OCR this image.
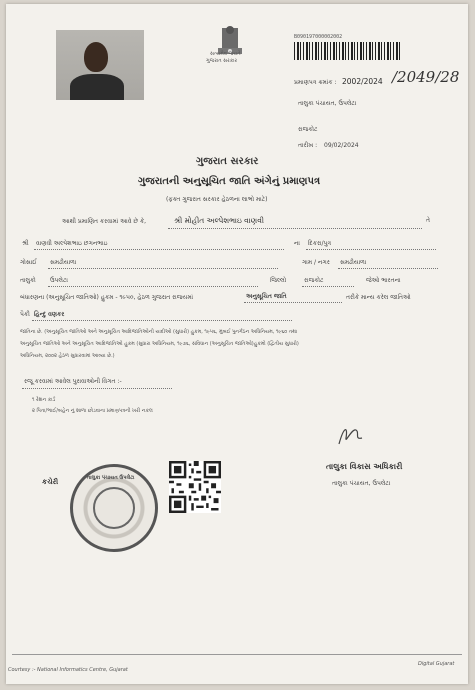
સત્યમેવ જયતે
ગુજરાત સરકાર
B090197000002002
પ્રમાણપત્ર ક્રમાંક : 2002/2024 /2049/28
તાલુકા પંચાયત, ઉપલેટા
રાજકોટ
તારીખ : 09/02/2024
ગુજરાત સરકાર
ગુજરાતની અનુસૂચિત જાતિ અંગેનું પ્રમાણપત્ર
(ફક્ત ગુજરાત સરકાર હેઠળના લાભો માટે)
આથી પ્રમાણિત કરવામાં આવે છે કે,	શ્રી મોહીત અલ્પેશભાઇ વાણવી	તે
શ્રી વાણવી અલ્પેશભાઇ છગનભાઇ	ના દિકરા/પુત્ર
ગોસાઈ સમઢીયાળા	ગામ / નગર સમઢીયાળા
તાલુકો ઉપલેટા	જિલ્લો	રાજકોટ	જેઓ ભારતના
બંધારણના (અનુસૂચિત જાતિઓ) હુકમ - ૧૯૫૦, હેઠળ ગુજરાત રાજયમાં	અનુસૂચિત જાતિ	તરીકે માન્ય કરેલ જાતિઓ
પૈકી હિન્દુ વણકર
જાતિના છે. (અનુસૂચિત જાતિઓ અને અનુસૂચિત આદિજાતિઓની યાદીઓ (સુધારો) હુકમ, ૧૯૫૬, મુંબઈ પુનર્ગઠન અધિનિયમ, ૧૯૬૦ તથા
અનુસૂચિત જાતિઓ અને અનુસૂચિત આદિજાતિઓ હુકમ (સુધારા અધિનિયમ, ૧૯૭૬, સંવિધાન (અનુસૂચિત જાતિઓ)હુકમો (દ્વિતીય સુધારો)
અધિનિયમ, ૨૦૦૨ હેઠળ સુધારવામાં આવ્યા છે.)
રજૂ કરવામાં આવેલ પુરાવાઓની વિગત :-
૧ રેશન કાર્ડ
૨ પિતા/ભાઈ/બહેન નું શાળા છોડવાના પ્રમાણપત્રની ખરી નકલ
તાલુકા વિકાસ અધિકારી
તાલુકા પંચાયત, ઉપલેટા
કચેરી	તાલુકા પંચાયત ઉપલેટા
Courtesy :- National Informatics Centre, Gujarat
Digital Gujarat
